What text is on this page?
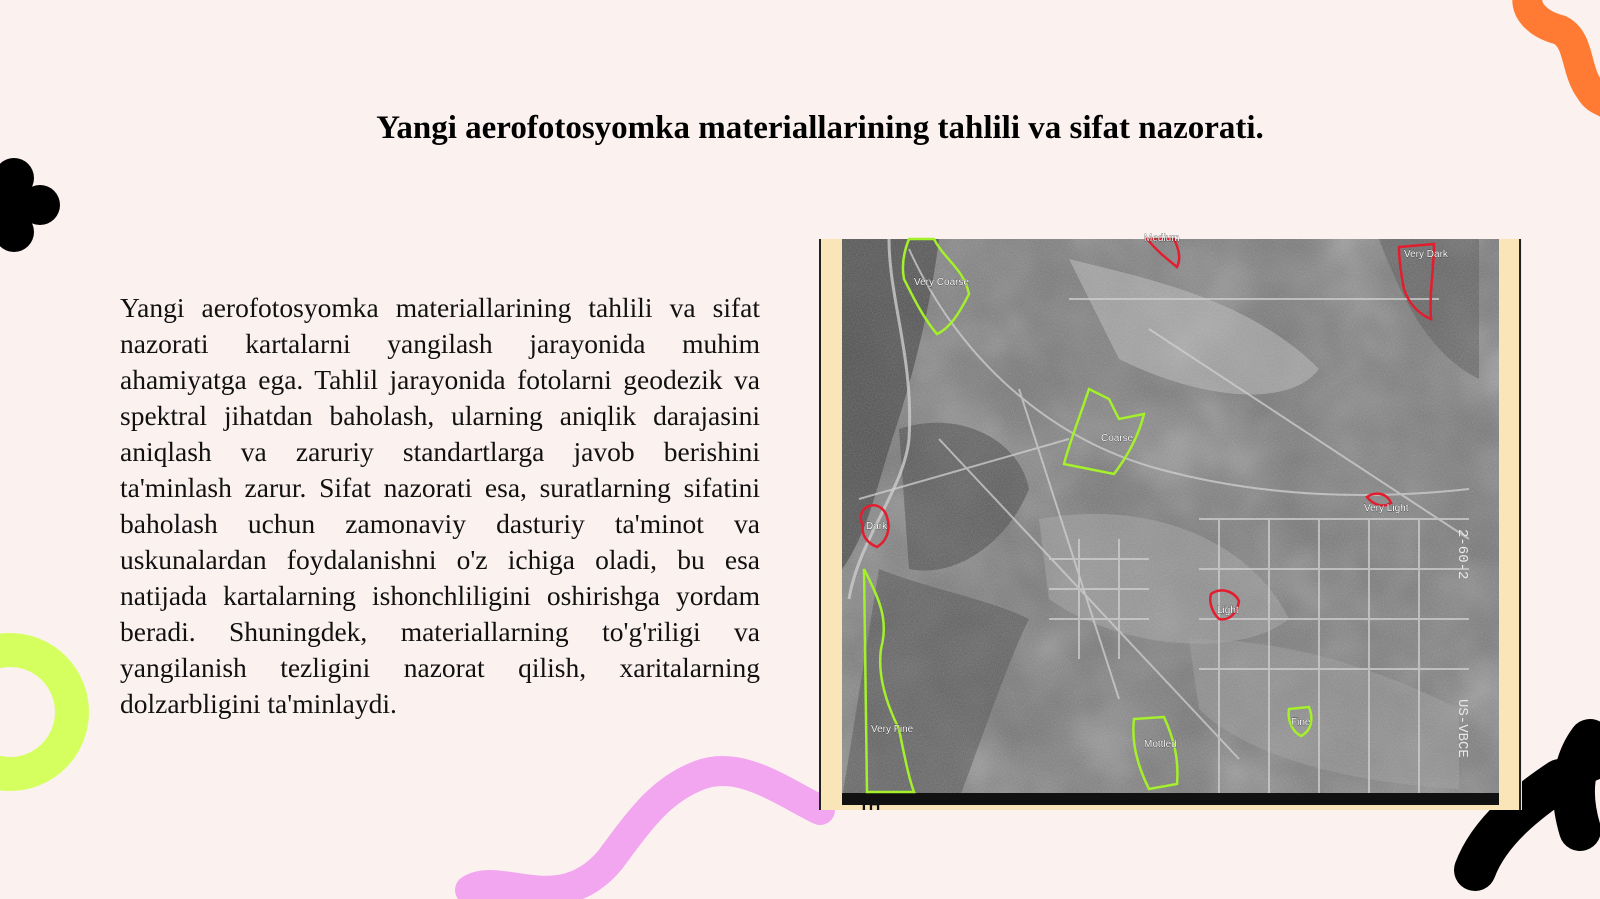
Yangi aerofotosyomka materiallarining tahlili va sifat nazorati.

Yangi aerofotosyomka materiallarining tahlili va sifat nazorati kartalarni yangilash jarayonida muhim ahamiyatga ega. Tahlil jarayonida fotolarni geodezik va spektral jihatdan baholash, ularning aniqlik darajasini aniqlash va zaruriy standartlarga javob berishini ta'minlash zarur. Sifat nazorati esa, suratlarning sifatini baholash uchun zamonaviy dasturiy ta'minot va uskunalardan foydalanishni o'z ichiga oladi, bu esa natijada kartalarning ishonchliligini oshirishga yordam beradi. Shuningdek, materiallarning to'g'riligi va yangilanish tezligini nazorat qilish, xaritalarning dolzarbligini ta'minlaydi.

TH
2-60-2
US-VBCE
Very Coarse
Medium
Very Dark
Coarse
Dark
Very Light
Light
Very Fine
Fine
Mottled
